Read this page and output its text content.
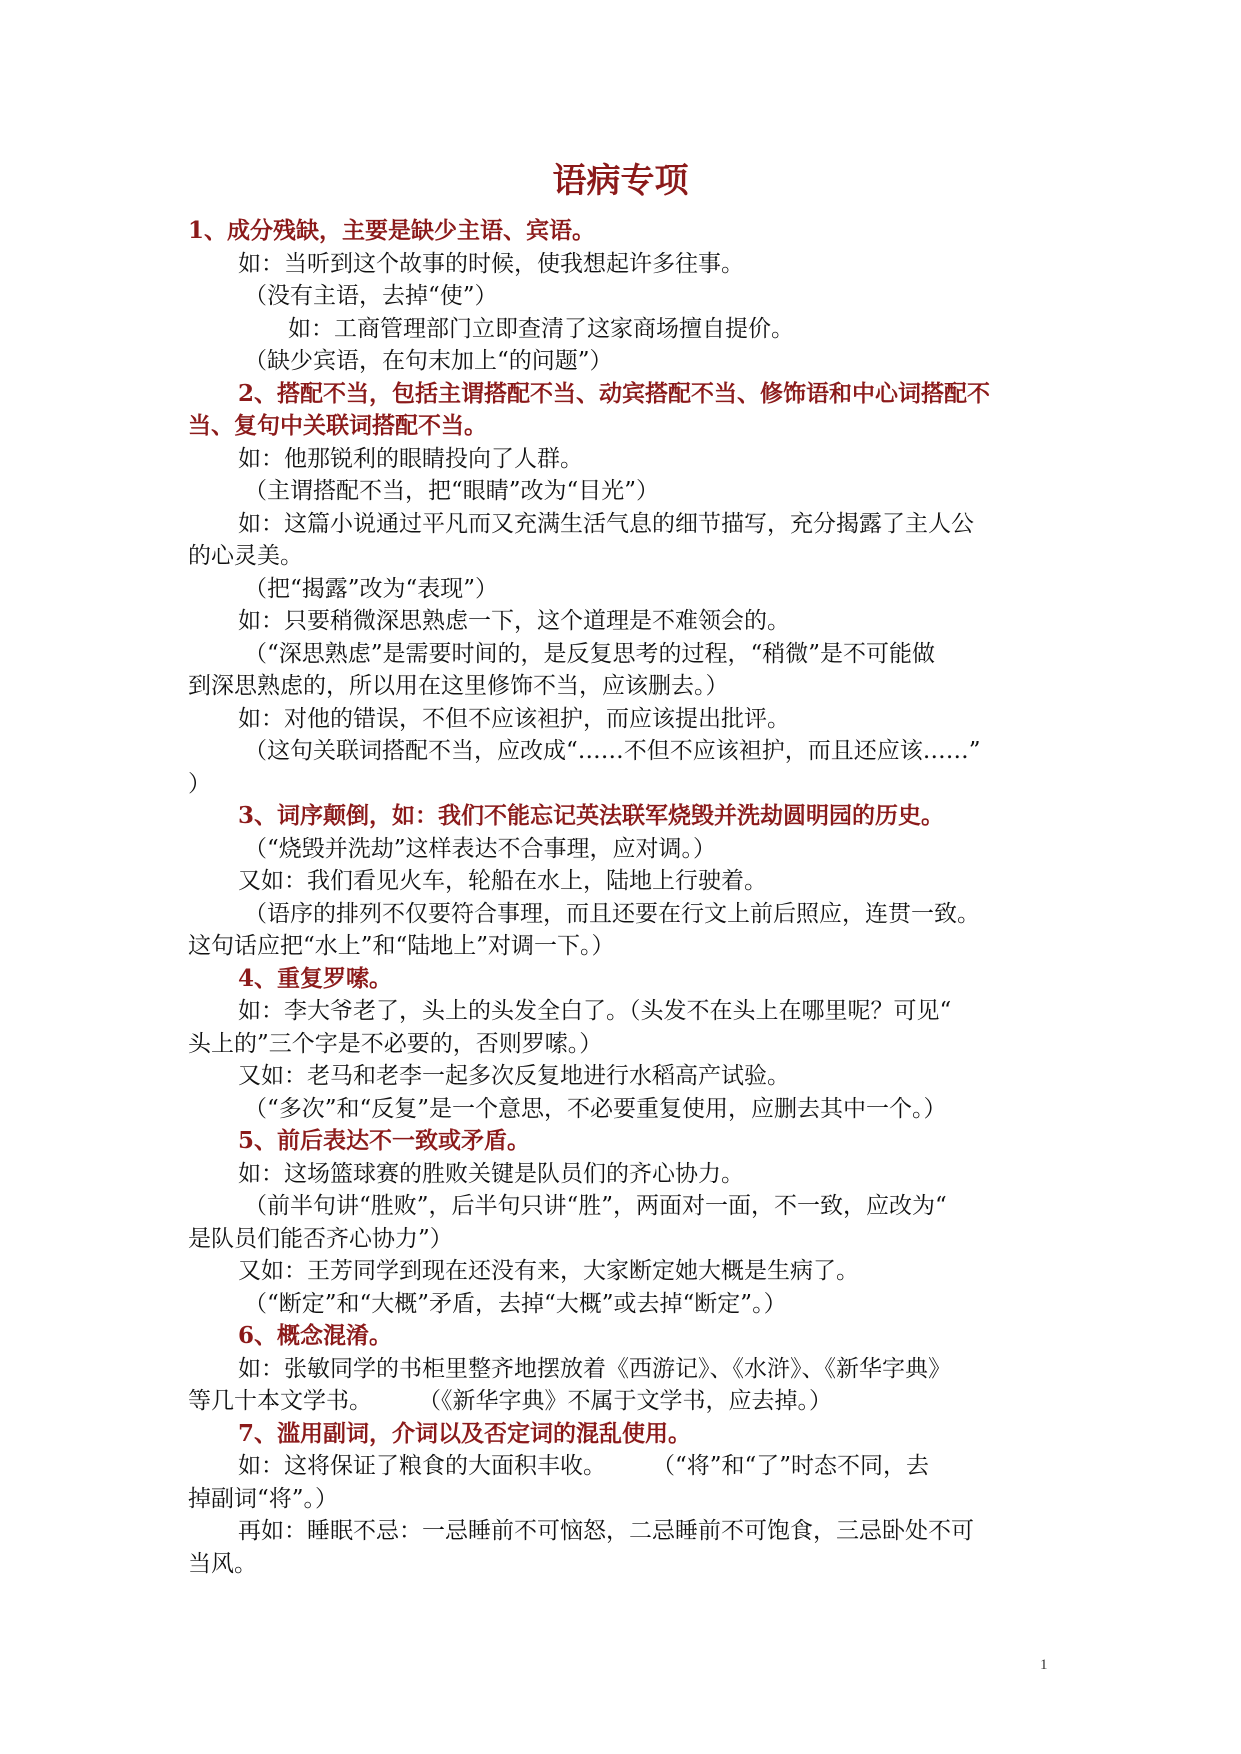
语病专项
1、成分残缺，主要是缺少主语、宾语。
如：当听到这个故事的时候，使我想起许多往事。
（没有主语，去掉“使”）
如：工商管理部门立即查清了这家商场擅自提价。
（缺少宾语，在句末加上“的问题”）
2、搭配不当，包括主谓搭配不当、动宾搭配不当、修饰语和中心词搭配不
当、复句中关联词搭配不当。
如：他那锐利的眼睛投向了人群。
（主谓搭配不当，把“眼睛”改为“目光”）
如：这篇小说通过平凡而又充满生活气息的细节描写，充分揭露了主人公
的心灵美。
（把“揭露”改为“表现”）
如：只要稍微深思熟虑一下，这个道理是不难领会的。
（“深思熟虑”是需要时间的，是反复思考的过程，“稍微”是不可能做
到深思熟虑的，所以用在这里修饰不当，应该删去。）
如：对他的错误，不但不应该袒护，而应该提出批评。
（这句关联词搭配不当，应改成“……不但不应该袒护，而且还应该……”
）
3、词序颠倒，如：我们不能忘记英法联军烧毁并洗劫圆明园的历史。
（“烧毁并洗劫”这样表达不合事理，应对调。）
又如：我们看见火车，轮船在水上，陆地上行驶着。
（语序的排列不仅要符合事理，而且还要在行文上前后照应，连贯一致。
这句话应把“水上”和“陆地上”对调一下。）
4、重复罗嗦。
如：李大爷老了，头上的头发全白了。（头发不在头上在哪里呢？可见“
头上的”三个字是不必要的，否则罗嗦。）
又如：老马和老李一起多次反复地进行水稻高产试验。
（“多次”和“反复”是一个意思，不必要重复使用，应删去其中一个。）
5、前后表达不一致或矛盾。
如：这场篮球赛的胜败关键是队员们的齐心协力。
（前半句讲“胜败”，后半句只讲“胜”，两面对一面，不一致，应改为“
是队员们能否齐心协力”）
又如：王芳同学到现在还没有来，大家断定她大概是生病了。
（“断定”和“大概”矛盾，去掉“大概”或去掉“断定”。）
6、概念混淆。
如：张敏同学的书柜里整齐地摆放着《西游记》、《水浒》、《新华字典》
等几十本文学书。　　　（《新华字典》不属于文学书，应去掉。）
7、滥用副词，介词以及否定词的混乱使用。
如：这将保证了粮食的大面积丰收。　　　（“将”和“了”时态不同，去
掉副词“将”。）
再如：睡眠不忌：一忌睡前不可恼怒，二忌睡前不可饱食，三忌卧处不可
当风。
1
